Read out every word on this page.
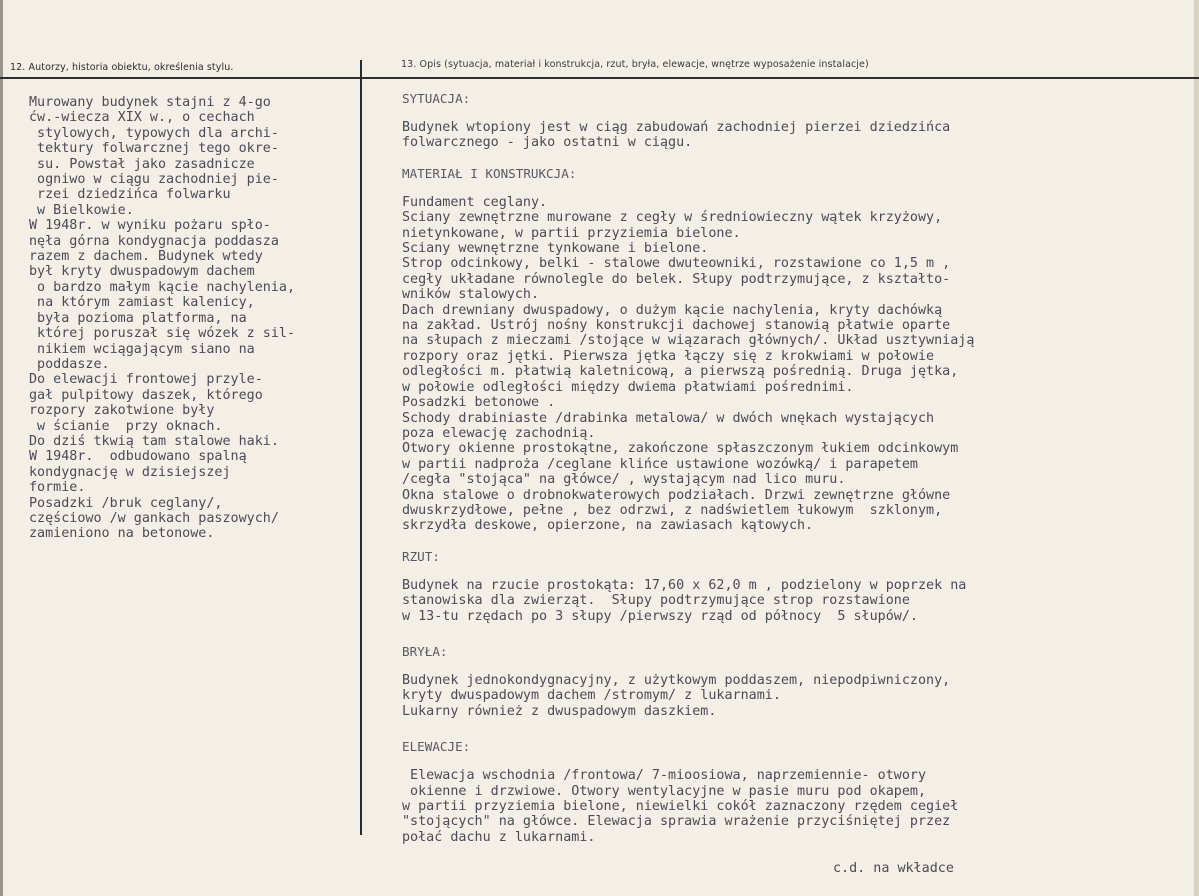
12. Autorzy, historia obiektu, określenia stylu.	13. Opis (sytuacja, materiał i konstrukcja, rzut, bryła, elewacje, wnętrze wyposażenie instalacje)
Murowany budynek stajni z 4-go
ćw.-wiecza XIX w., o cechach
stylowych, typowych dla archi-
tektury folwarcznej tego okre-
su. Powstał jako zasadnicze
ogniwo w ciągu zachodniej pie-
rzei dziedzińca folwarku
w Bielkowie.
W 1948r. w wyniku pożaru spło-
nęła górna kondygnacja poddasza
razem z dachem. Budynek wtedy
był kryty dwuspadowym dachem
o bardzo małym kącie nachylenia,
na którym zamiast kalenicy,
była pozioma platforma, na
której poruszał się wózek z sil-
nikiem wciągającym siano na
poddasze.
Do elewacji frontowej przyle-
gał pulpitowy daszek, którego
rozpory zakotwione były
w ścianie  przy oknach.
Do dziś tkwią tam stalowe haki.
W 1948r.  odbudowano spalną
kondygnację w dzisiejszej
formie.
Posadzki /bruk ceglany/,
częściowo /w gankach paszowych/
zamieniono na betonowe.
SYTUACJA:
Budynek wtopiony jest w ciąg zabudowań zachodniej pierzei dziedzińca
folwarcznego - jako ostatni w ciągu.
MATERIAŁ I KONSTRUKCJA:
Fundament ceglany.
Sciany zewnętrzne murowane z cegły w średniowieczny wątek krzyżowy,
nietynkowane, w partii przyziemia bielone.
Sciany wewnętrzne tynkowane i bielone.
Strop odcinkowy, belki - stalowe dwuteowniki, rozstawione co 1,5 m ,
cegły układane równolegle do belek. Słupy podtrzymujące, z kształto-
wników stalowych.
Dach drewniany dwuspadowy, o dużym kącie nachylenia, kryty dachówką
na zakład. Ustrój nośny konstrukcji dachowej stanowią płatwie oparte
na słupach z mieczami /stojące w wiązarach głównych/. Układ usztywniają
rozpory oraz jętki. Pierwsza jętka łączy się z krokwiami w połowie
odległości m. płatwią kaletnicową, a pierwszą pośrednią. Druga jętka,
w połowie odległości między dwiema płatwiami pośrednimi.
Posadzki betonowe .
Schody drabiniaste /drabinka metalowa/ w dwóch wnękach wystających
poza elewację zachodnią.
Otwory okienne prostokątne, zakończone spłaszczonym łukiem odcinkowym
w partii nadproża /ceglane klińce ustawione wozówką/ i parapetem
/cegła "stojąca" na główce/ , wystającym nad lico muru.
Okna stalowe o drobnokwaterowych podziałach. Drzwi zewnętrzne główne
dwuskrzydłowe, pełne , bez odrzwi, z nadświetlem łukowym  szklonym,
skrzydła deskowe, opierzone, na zawiasach kątowych.
RZUT:
Budynek na rzucie prostokąta: 17,60 x 62,0 m , podzielony w poprzek na
stanowiska dla zwierząt.  Słupy podtrzymujące strop rozstawione
w 13-tu rzędach po 3 słupy /pierwszy rząd od północy  5 słupów/.
BRYŁA:
Budynek jednokondygnacyjny, z użytkowym poddaszem, niepodpiwniczony,
kryty dwuspadowym dachem /stromym/ z lukarnami.
Lukarny również z dwuspadowym daszkiem.
ELEWACJE:
Elewacja wschodnia /frontowa/ 7-mioosiowa, naprzemiennie- otwory
okienne i drzwiowe. Otwory wentylacyjne w pasie muru pod okapem,
w partii przyziemia bielone, niewielki cokół zaznaczony rzędem cegieł
"stojących" na główce. Elewacja sprawia wrażenie przyciśniętej przez
połać dachu z lukarnami.
c.d. na wkładce
